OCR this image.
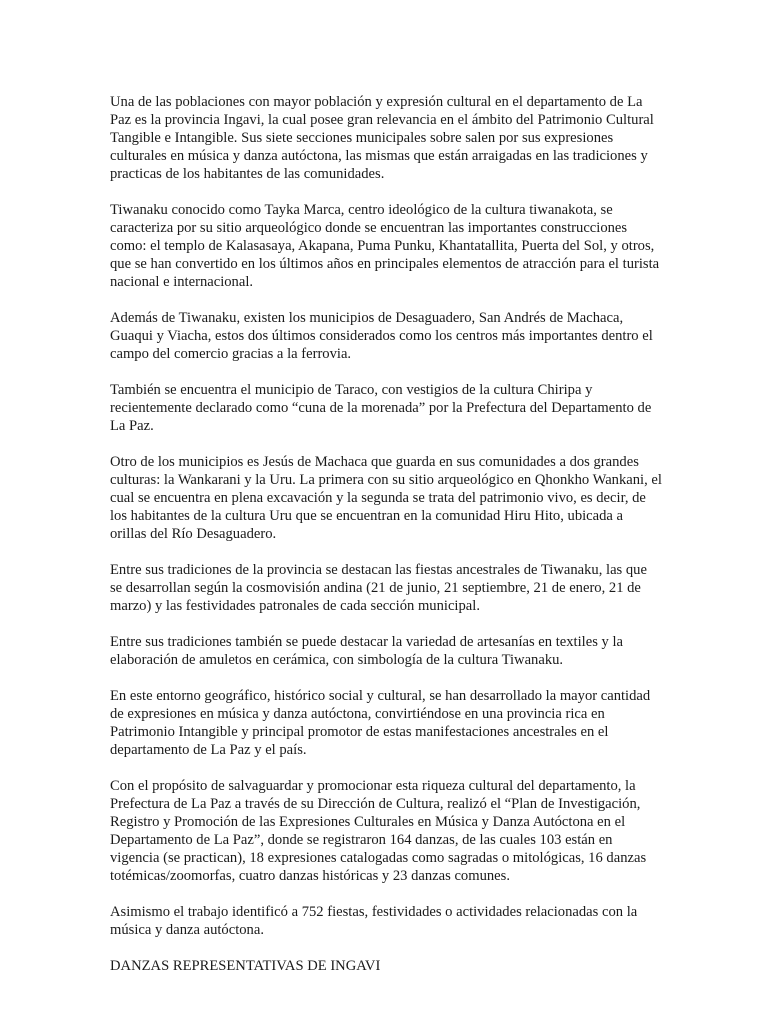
Una de las poblaciones con mayor población y expresión cultural en el departamento de La Paz es la provincia Ingavi, la cual posee gran relevancia en el ámbito del Patrimonio Cultural Tangible e Intangible. Sus siete secciones municipales sobre salen por sus expresiones culturales en música y danza autóctona, las mismas que están arraigadas en las tradiciones y practicas de los habitantes de las comunidades.

Tiwanaku conocido como Tayka Marca, centro ideológico de la cultura tiwanakota, se caracteriza por su sitio arqueológico donde se encuentran las importantes construcciones como: el templo de Kalasasaya, Akapana, Puma Punku, Khantatallita, Puerta del Sol, y otros, que se han convertido en los últimos años en principales elementos de atracción para el turista nacional e internacional.

Además de Tiwanaku, existen los municipios de Desaguadero, San Andrés de Machaca, Guaqui y Viacha, estos dos últimos considerados como los centros más importantes dentro el campo del comercio gracias a la ferrovia.

También se encuentra el municipio de Taraco, con vestigios de la cultura Chiripa y recientemente declarado como “cuna de la morenada” por la Prefectura del Departamento de La Paz.

Otro de los municipios es Jesús de Machaca que guarda en sus comunidades a dos grandes culturas: la Wankarani y la Uru. La primera con su sitio arqueológico en Qhonkho Wankani, el cual se encuentra en plena excavación y la segunda se trata del patrimonio vivo, es decir, de los habitantes de la cultura Uru que se encuentran en la comunidad Hiru Hito, ubicada a orillas del Río Desaguadero.

Entre sus tradiciones de la provincia se destacan las fiestas ancestrales de Tiwanaku, las que se desarrollan según la cosmovisión andina (21 de junio, 21 septiembre, 21 de enero, 21 de marzo) y las festividades patronales de cada sección municipal.

Entre sus tradiciones también se puede destacar la variedad de artesanías en textiles y la elaboración de amuletos en cerámica, con simbología de la cultura Tiwanaku.

En este entorno geográfico, histórico social y cultural, se han desarrollado la mayor cantidad de expresiones en música y danza autóctona, convirtiéndose en una provincia rica en Patrimonio Intangible y principal promotor de estas manifestaciones ancestrales en el departamento de La Paz y el país.

Con el propósito de salvaguardar y promocionar esta riqueza cultural del departamento, la Prefectura de La Paz a través de su Dirección de Cultura, realizó el “Plan de Investigación, Registro y Promoción de las Expresiones Culturales en Música y Danza Autóctona en el Departamento de La Paz”, donde se registraron 164 danzas, de las cuales 103 están en vigencia (se practican), 18 expresiones catalogadas como sagradas o mitológicas, 16 danzas totémicas/zoomorfas, cuatro danzas históricas y 23 danzas comunes.

Asimismo el trabajo identificó a 752 fiestas, festividades o actividades relacionadas con la música y danza autóctona.

DANZAS REPRESENTATIVAS DE INGAVI
